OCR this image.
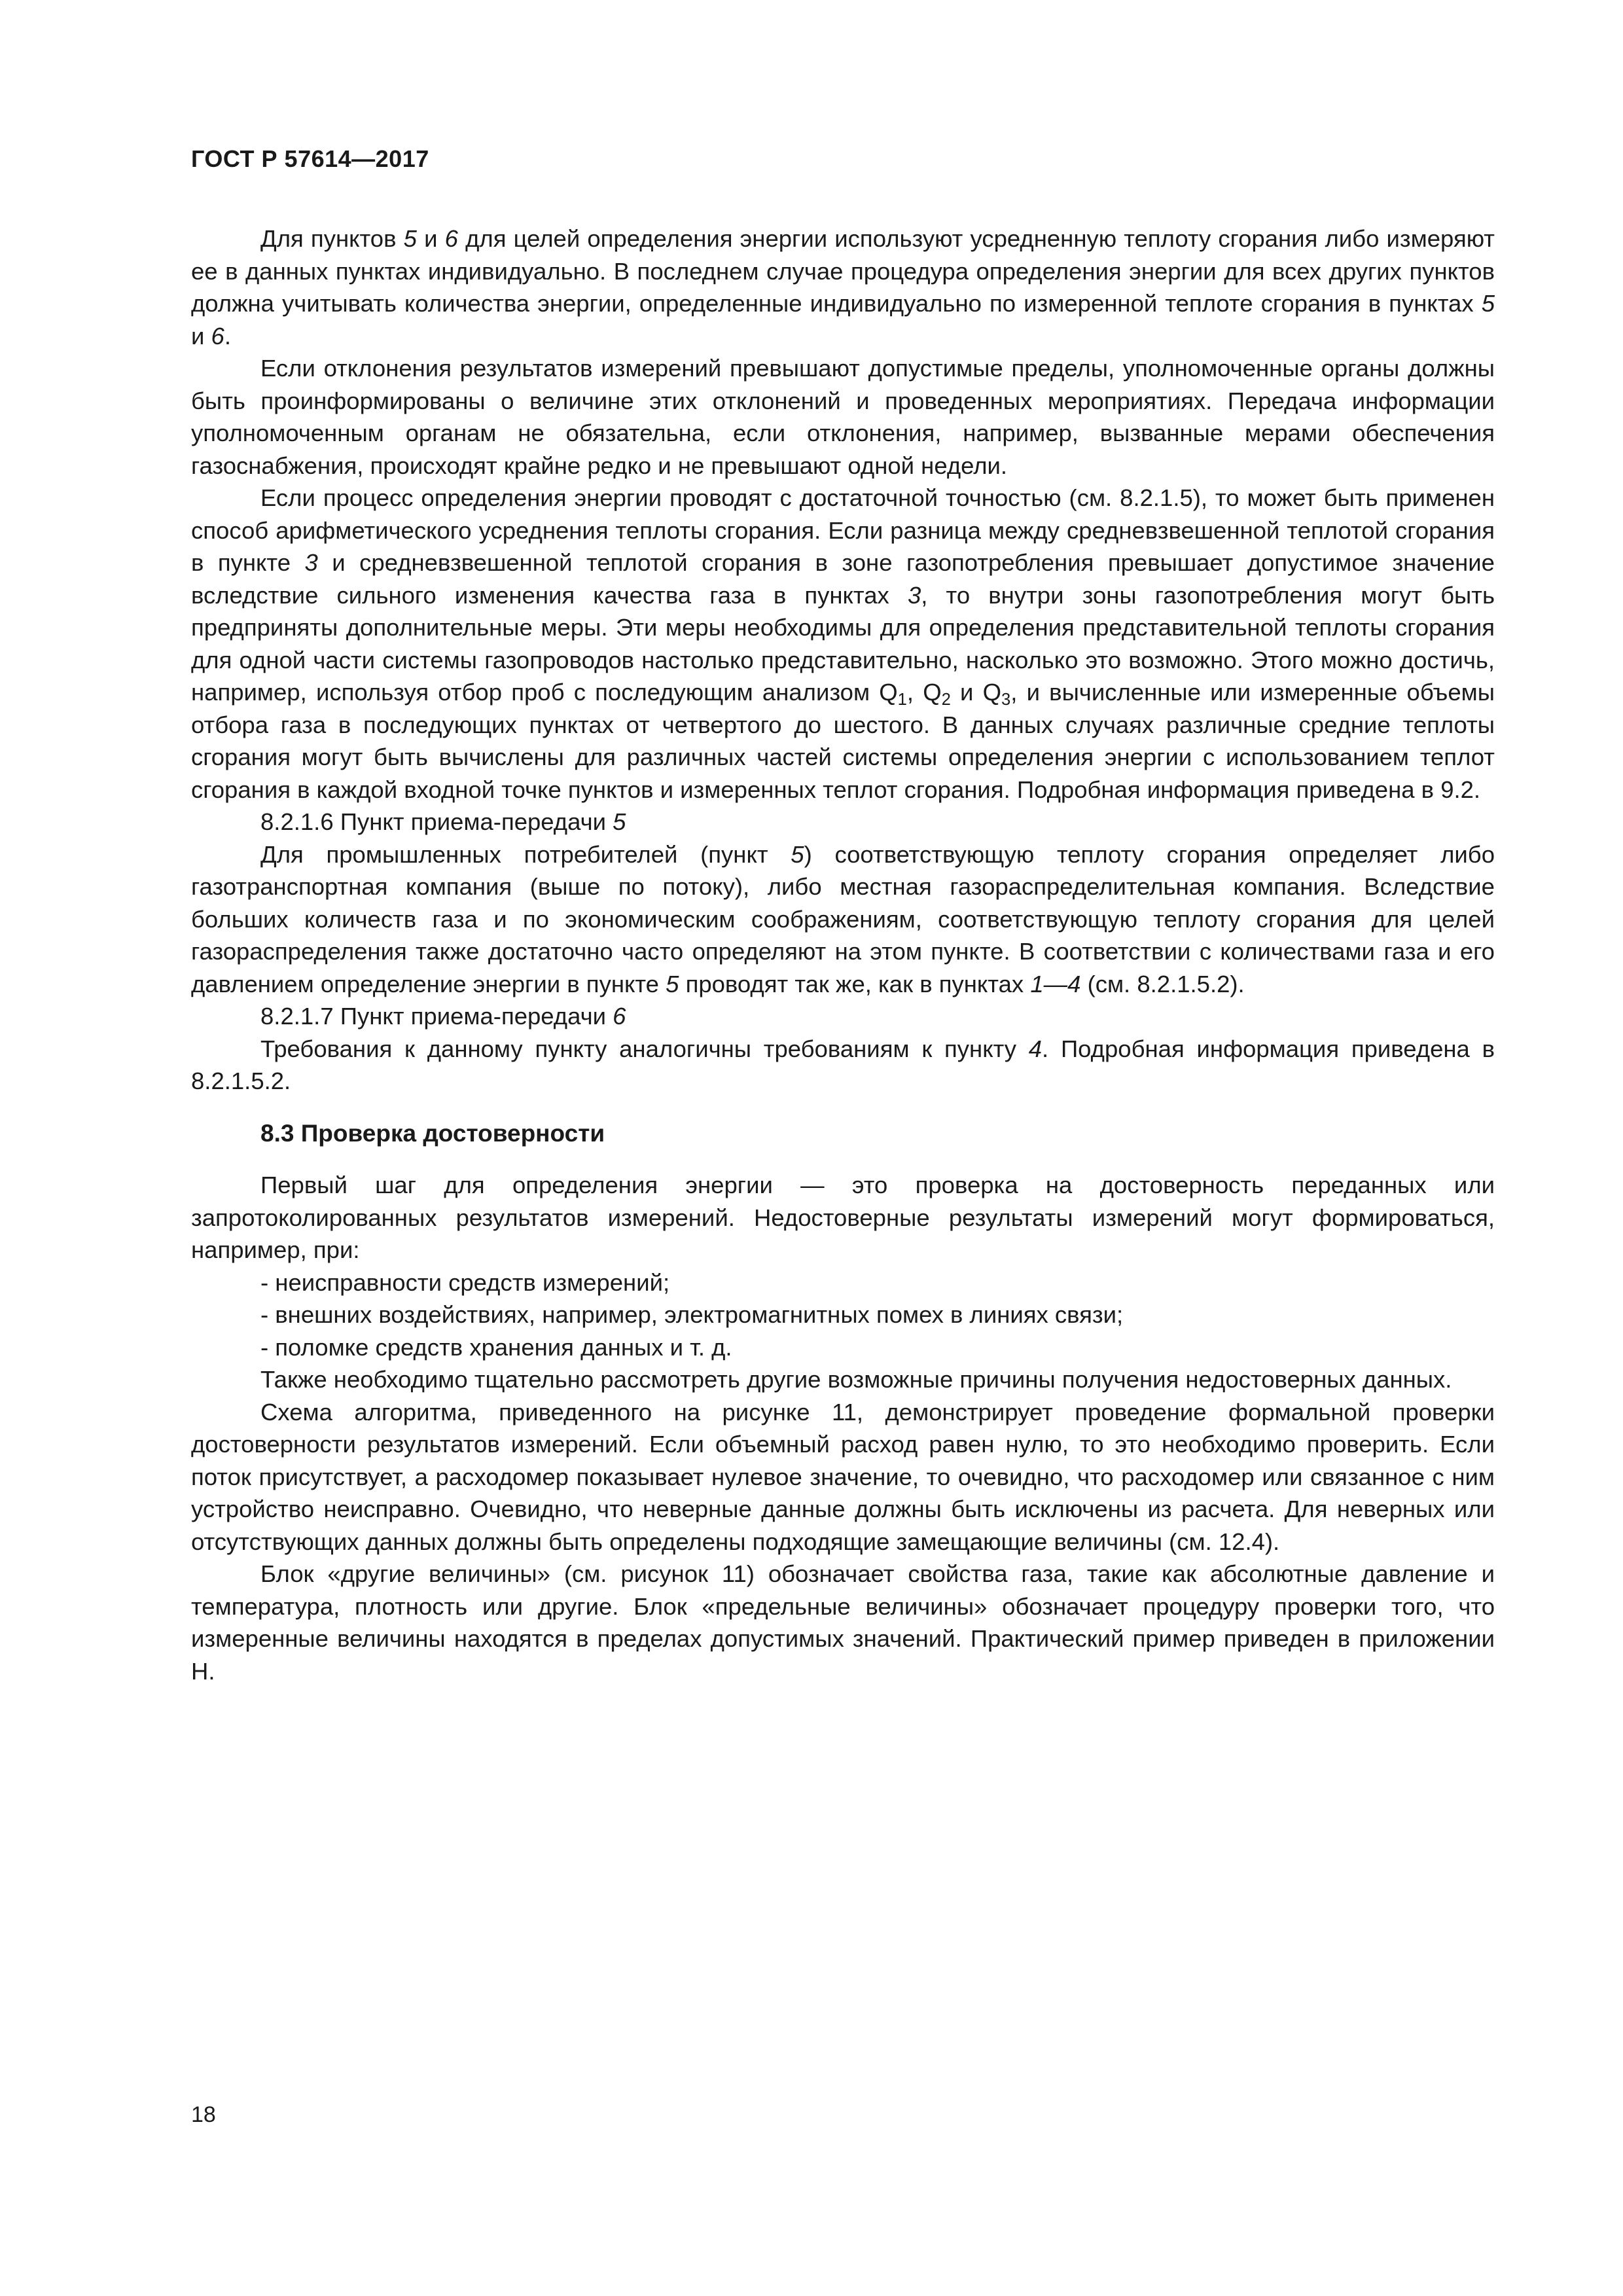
ГОСТ Р 57614—2017

Для пунктов 5 и 6 для целей определения энергии используют усредненную теплоту сгорания либо измеряют ее в данных пунктах индивидуально. В последнем случае процедура определения энергии для всех других пунктов должна учитывать количества энергии, определенные индивидуально по измеренной теплоте сгорания в пунктах 5 и 6.

Если отклонения результатов измерений превышают допустимые пределы, уполномоченные органы должны быть проинформированы о величине этих отклонений и проведенных мероприятиях. Передача информации уполномоченным органам не обязательна, если отклонения, например, вызванные мерами обеспечения газоснабжения, происходят крайне редко и не превышают одной недели.

Если процесс определения энергии проводят с достаточной точностью (см. 8.2.1.5), то может быть применен способ арифметического усреднения теплоты сгорания. Если разница между средневзвешенной теплотой сгорания в пункте 3 и средневзвешенной теплотой сгорания в зоне газопотребления превышает допустимое значение вследствие сильного изменения качества газа в пунктах 3, то внутри зоны газопотребления могут быть предприняты дополнительные меры. Эти меры необходимы для определения представительной теплоты сгорания для одной части системы газопроводов настолько представительно, насколько это возможно. Этого можно достичь, например, используя отбор проб с последующим анализом $Q_1$, $Q_2$ и $Q_3$, и вычисленные или измеренные объемы отбора газа в последующих пунктах от четвертого до шестого. В данных случаях различные средние теплоты сгорания могут быть вычислены для различных частей системы определения энергии с использованием теплот сгорания в каждой входной точке пунктов и измеренных теплот сгорания. Подробная информация приведена в 9.2.

8.2.1.6 Пункт приема-передачи 5

Для промышленных потребителей (пункт 5) соответствующую теплоту сгорания определяет либо газотранспортная компания (выше по потоку), либо местная газораспределительная компания. Вследствие больших количеств газа и по экономическим соображениям, соответствующую теплоту сгорания для целей газораспределения также достаточно часто определяют на этом пункте. В соответствии с количествами газа и его давлением определение энергии в пункте 5 проводят так же, как в пунктах 1—4 (см. 8.2.1.5.2).

8.2.1.7 Пункт приема-передачи 6

Требования к данному пункту аналогичны требованиям к пункту 4. Подробная информация приведена в 8.2.1.5.2.

8.3 Проверка достоверности

Первый шаг для определения энергии — это проверка на достоверность переданных или запротоколированных результатов измерений. Недостоверные результаты измерений могут формироваться, например, при:

- неисправности средств измерений;

- внешних воздействиях, например, электромагнитных помех в линиях связи;

- поломке средств хранения данных и т. д.

Также необходимо тщательно рассмотреть другие возможные причины получения недостоверных данных.

Схема алгоритма, приведенного на рисунке 11, демонстрирует проведение формальной проверки достоверности результатов измерений. Если объемный расход равен нулю, то это необходимо проверить. Если поток присутствует, а расходомер показывает нулевое значение, то очевидно, что расходомер или связанное с ним устройство неисправно. Очевидно, что неверные данные должны быть исключены из расчета. Для неверных или отсутствующих данных должны быть определены подходящие замещающие величины (см. 12.4).

Блок «другие величины» (см. рисунок 11) обозначает свойства газа, такие как абсолютные давление и температура, плотность или другие. Блок «предельные величины» обозначает процедуру проверки того, что измеренные величины находятся в пределах допустимых значений. Практический пример приведен в приложении Н.

18
